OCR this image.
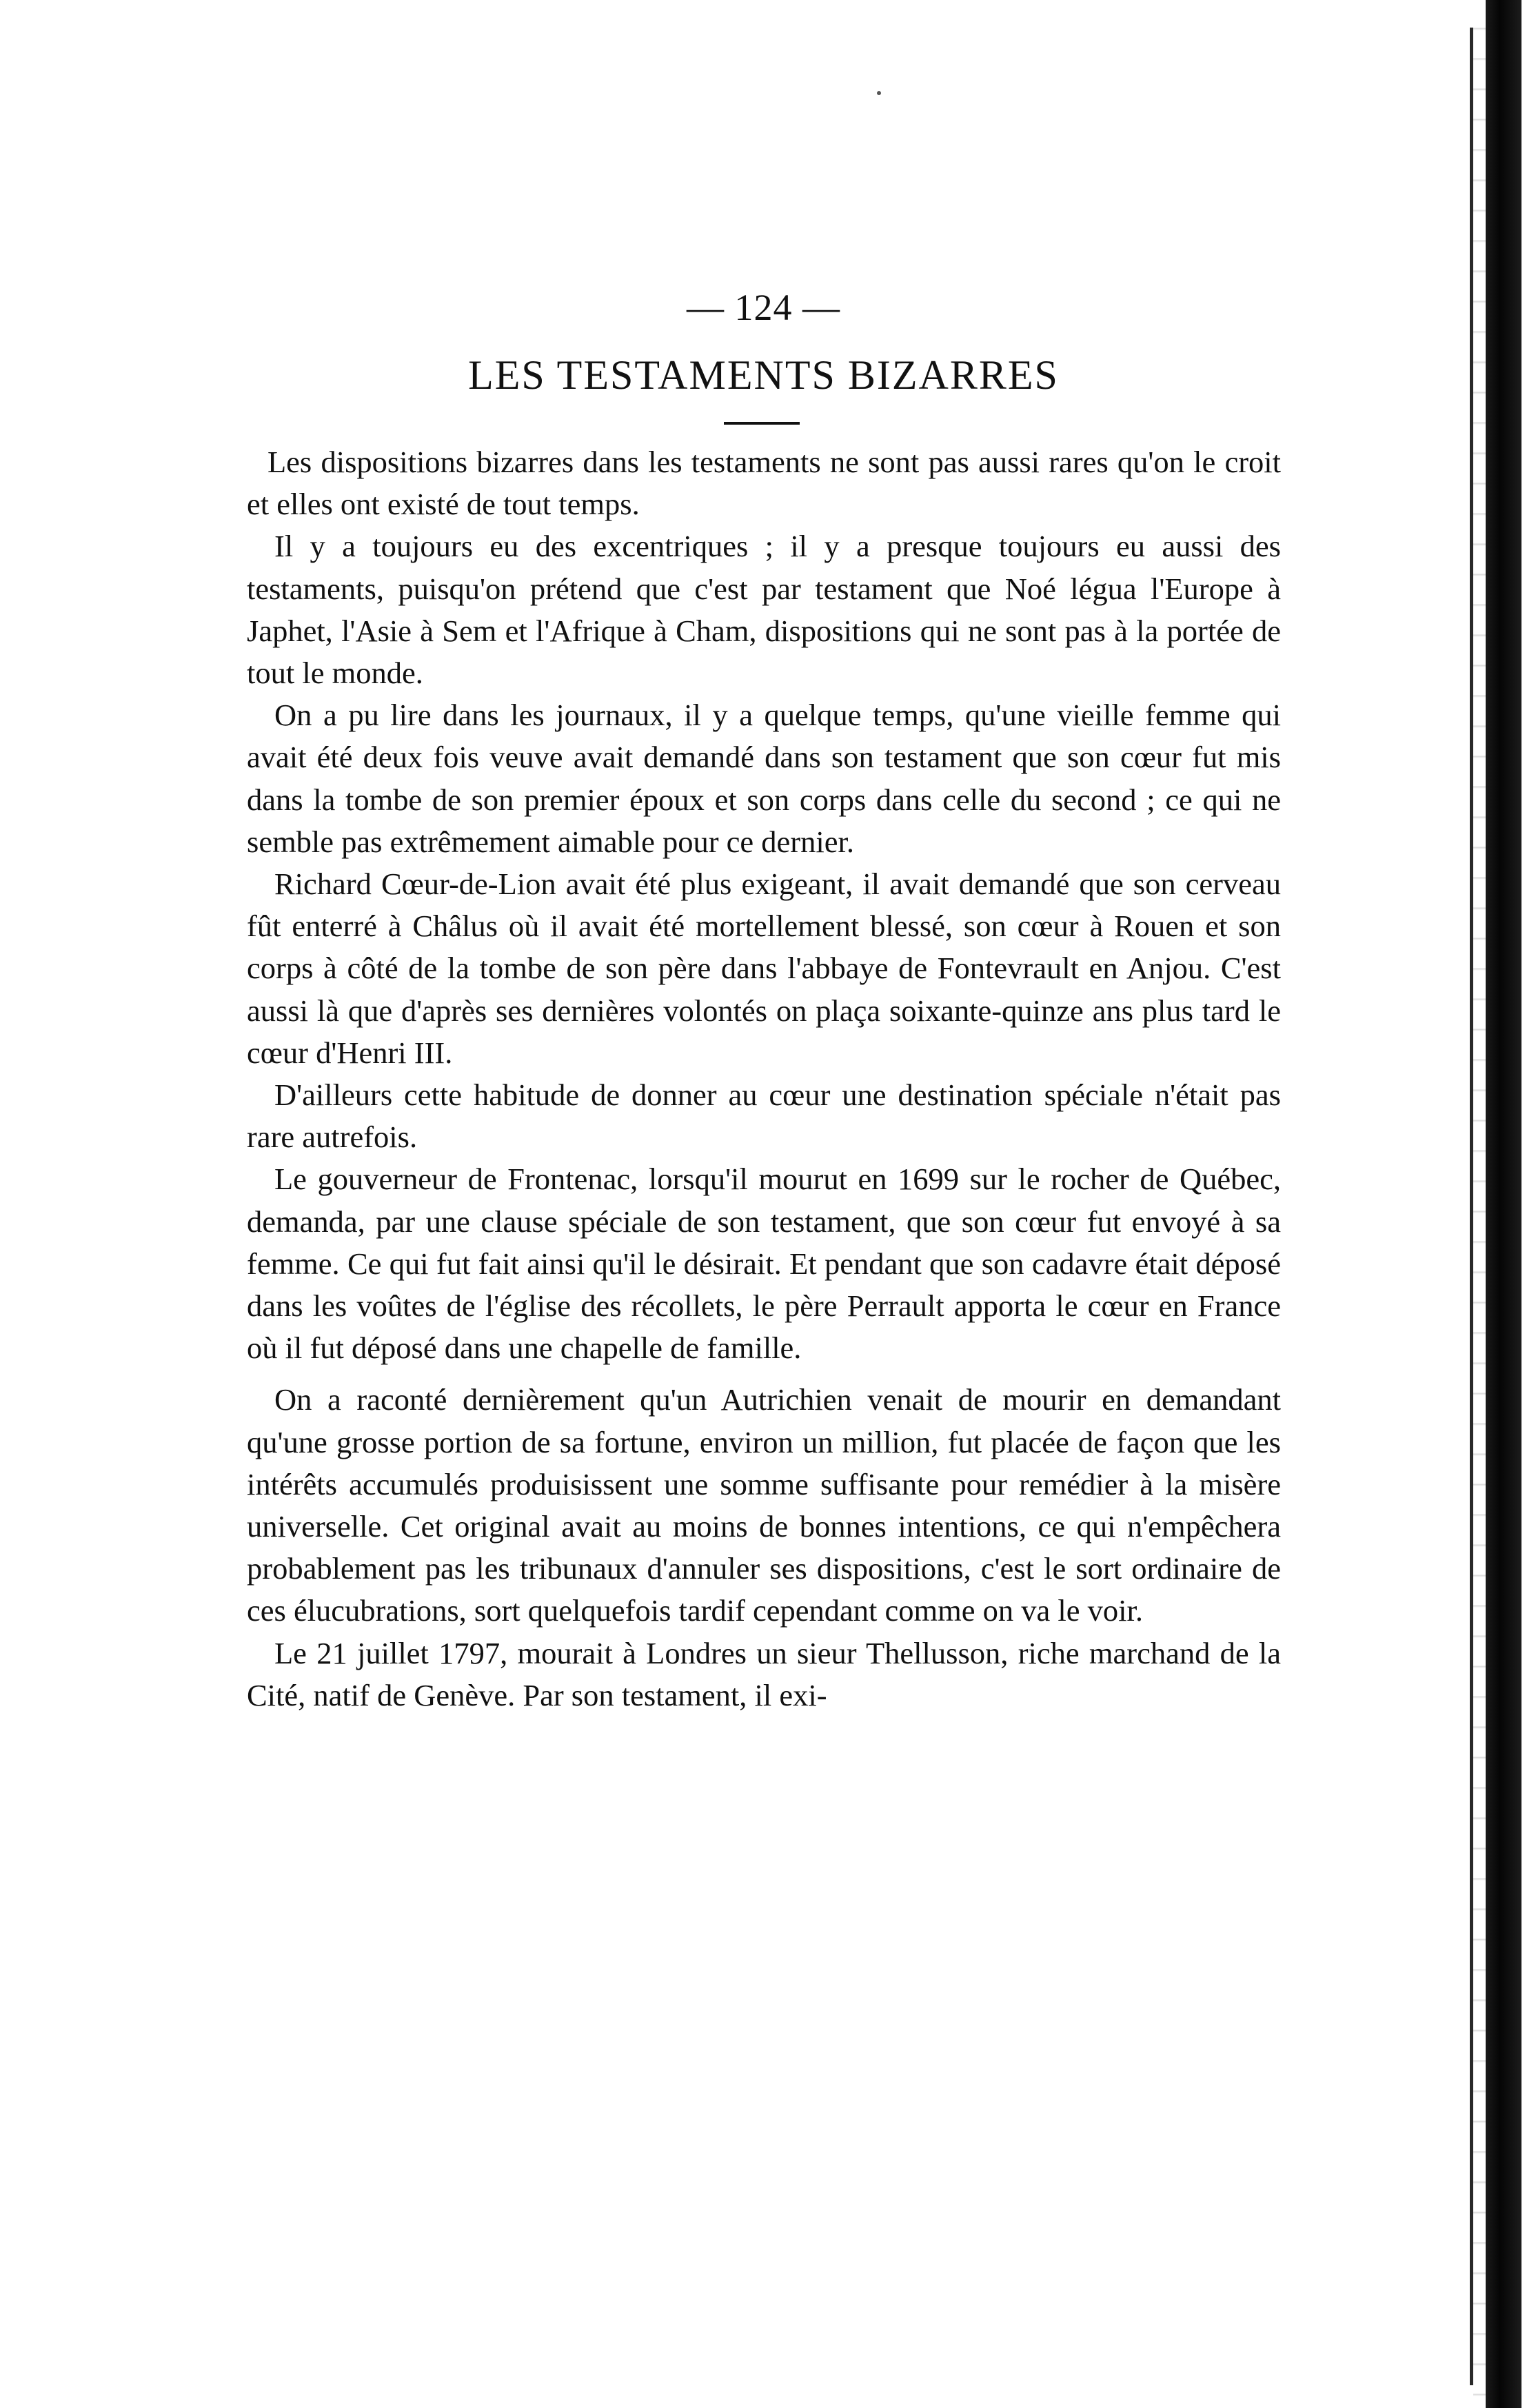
— 124 —
LES TESTAMENTS BIZARRES

Les dispositions bizarres dans les testaments ne sont pas aussi rares qu'on le croit et elles ont existé de tout temps.

Il y a toujours eu des excentriques ; il y a presque toujours eu aussi des testaments, puisqu'on prétend que c'est par testament que Noé légua l'Europe à Japhet, l'Asie à Sem et l'Afrique à Cham, dispositions qui ne sont pas à la portée de tout le monde.

On a pu lire dans les journaux, il y a quelque temps, qu'une vieille femme qui avait été deux fois veuve avait demandé dans son testament que son cœur fut mis dans la tombe de son premier époux et son corps dans celle du second ; ce qui ne semble pas extrêmement aimable pour ce dernier.

Richard Cœur-de-Lion avait été plus exigeant, il avait demandé que son cerveau fût enterré à Châlus où il avait été mortellement blessé, son cœur à Rouen et son corps à côté de la tombe de son père dans l'abbaye de Fontevrault en Anjou. C'est aussi là que d'après ses dernières volontés on plaça soixante-quinze ans plus tard le cœur d'Henri III.

D'ailleurs cette habitude de donner au cœur une destination spéciale n'était pas rare autrefois.

Le gouverneur de Frontenac, lorsqu'il mourut en 1699 sur le rocher de Québec, demanda, par une clause spéciale de son testament, que son cœur fut envoyé à sa femme. Ce qui fut fait ainsi qu'il le désirait. Et pendant que son cadavre était déposé dans les voûtes de l'église des récollets, le père Perrault apporta le cœur en France où il fut déposé dans une chapelle de famille.

On a raconté dernièrement qu'un Autrichien venait de mourir en demandant qu'une grosse portion de sa fortune, environ un million, fut placée de façon que les intérêts accumulés produisissent une somme suffisante pour remédier à la misère universelle. Cet original avait au moins de bonnes intentions, ce qui n'empêchera probablement pas les tribunaux d'annuler ses dispositions, c'est le sort ordinaire de ces élucubrations, sort quelquefois tardif cependant comme on va le voir.

Le 21 juillet 1797, mourait à Londres un sieur Thellusson, riche marchand de la Cité, natif de Genève. Par son testament, il exi-
